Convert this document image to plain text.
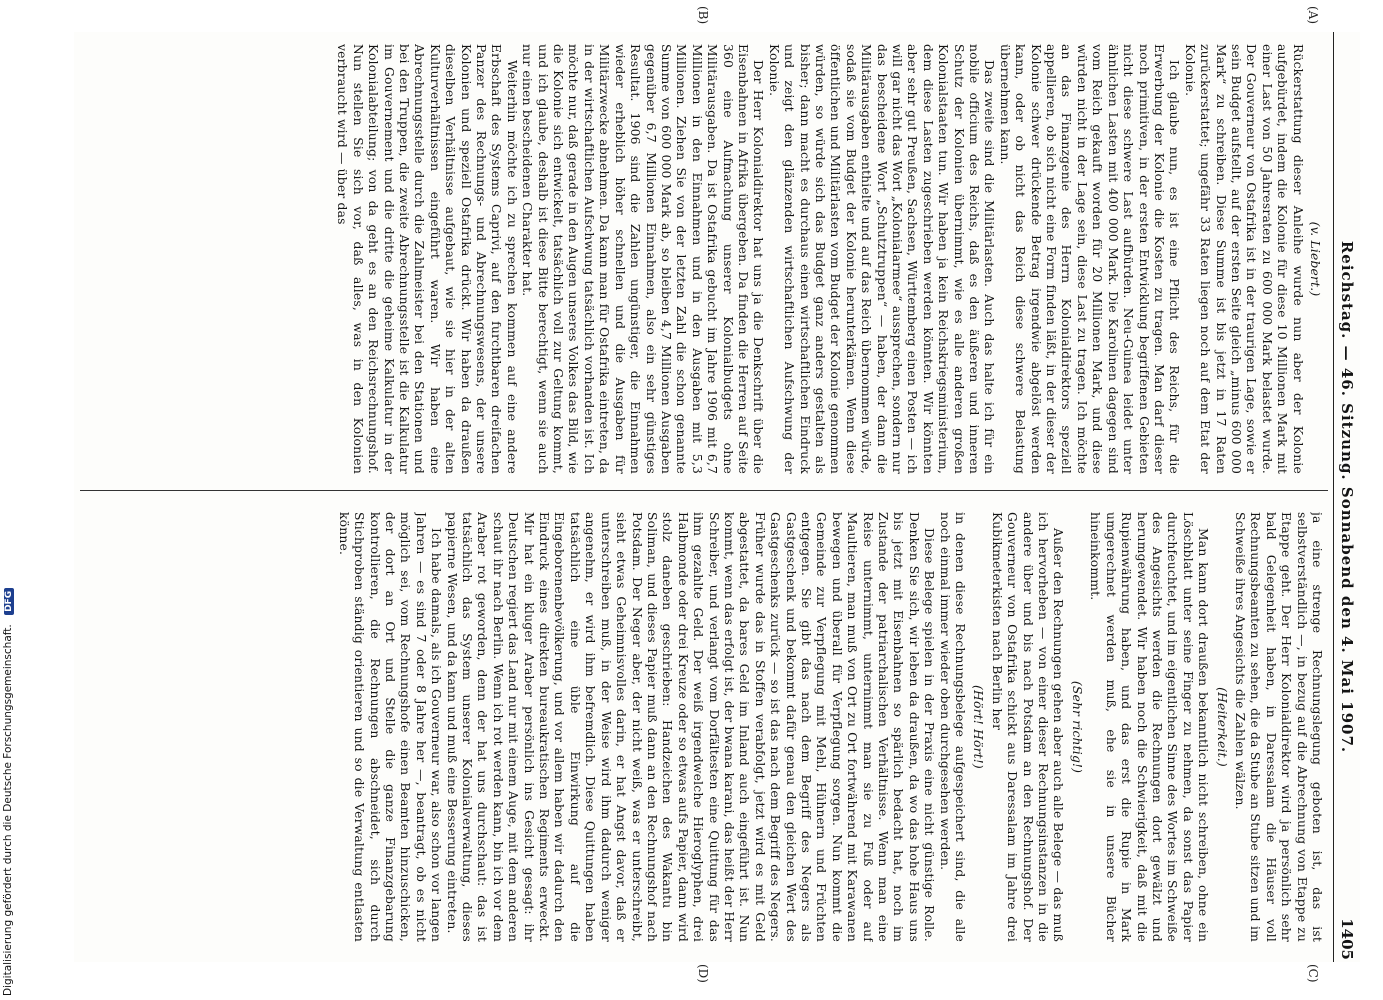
Digitalisierung gefördert durch die Deutsche Forschungsgemeinschaft. DFG	Reichstag. — 46. Sitzung. Sonnabend den 4. Mai 1907.
1405
(A)
(B)
(C)
(D)

(v. Liebert.)

Rückerstattung dieser Anleihe wurde nun aber der Kolonie aufgebürdet, indem die Kolonie für diese 10 Millionen Mark mit einer Last von 50 Jahresraten zu 600 000 Mark belastet wurde. Der Gouverneur von Ostafrika ist in der traurigen Lage, sowie er sein Budget aufstellt, auf der ersten Seite gleich „minus 600 000 Mark“ zu schreiben. Diese Summe ist bis jetzt in 17 Raten zurückerstattet; ungefähr 33 Raten liegen noch auf dem Etat der Kolonie.

Ich glaube nun, es ist eine Pflicht des Reichs, für die Erwerbung der Kolonie die Kosten zu tragen. Man darf dieser noch primitiven, in der ersten Entwicklung begriffenen Gebieten nicht diese schwere Last aufbürden. Neu-Guinea leidet unter ähnlichen Lasten mit 400 000 Mark. Die Karolinen dagegen sind vom Reich gekauft worden für 20 Millionen Mark, und diese würden nicht in der Lage sein, diese Last zu tragen. Ich möchte an das Finanzgenie des Herrn Kolonialdirektors speziell appellieren, ob sich nicht eine Form finden läßt, in der dieser der Kolonie schwer drückende Betrag irgendwie abgelöst werden kann, oder ob nicht das Reich diese schwere Belastung übernehmen kann.

Das zweite sind die Militärlasten. Auch das halte ich für ein nobile officium des Reichs, daß es den äußeren und inneren Schutz der Kolonien übernimmt, wie es alle anderen großen Kolonialstaaten tun. Wir haben ja kein Reichskriegsministerium, dem diese Lasten zugeschrieben werden könnten. Wir könnten aber sehr gut Preußen, Sachsen, Württemberg einen Posten — ich will gar nicht das Wort „Kolonialarmee“ aussprechen, sondern nur das bescheidene Wort „Schutztruppen“ — haben, der dann die Militärausgaben enthielte und auf das Reich übernommen würde, sodaß sie vom Budget der Kolonie herunterkämen. Wenn diese öffentlichen und Militärlasten vom Budget der Kolonie genommen würden, so würde sich das Budget ganz anders gestalten als bisher; dann macht es durchaus einen wirtschaftlichen Eindruck und zeigt den glänzenden wirtschaftlichen Aufschwung der Kolonie.

Der Herr Kolonialdirektor hat uns ja die Denkschrift über die Eisenbahnen in Afrika übergeben. Da finden die Herren auf Seite 360 eine Aufmachung unserer Kolonialbudgets ohne Militärausgaben. Da ist Ostafrika gebucht im Jahre 1906 mit 6,7 Millionen in den Einnahmen und in den Ausgaben mit 5,3 Millionen. Ziehen Sie von der letzten Zahl die schon genannte Summe von 600 000 Mark ab, so bleiben 4,7 Millionen Ausgaben gegenüber 6,7 Millionen Einnahmen, also ein sehr günstiges Resultat. 1906 sind die Zahlen ungünstiger, die Einnahmen wieder erheblich höher schnellen und die Ausgaben für Militärzwecke abnehmen. Da kann man für Ostafrika eintreten, da in der wirtschaftlichen Aufschwung tatsächlich vorhanden ist. Ich möchte nur, daß gerade in den Augen unseres Volkes das Bild, wie die Kolonie sich entwickelt, tatsächlich voll zur Geltung kommt, und ich glaube, deshalb ist diese Bitte berechtigt, wenn sie auch nur einen bescheidenen Charakter hat.

Weiterhin möchte ich zu sprechen kommen auf eine andere Erbschaft des Systems Caprivi, auf den furchtbaren dreifachen Panzer des Rechnungs- und Abrechnungswesens, der unsere Kolonien und speziell Ostafrika drückt. Wir haben da draußen dieselben Verhältnisse aufgebaut, wie sie hier in der alten Kulturverhältnissen eingeführt waren. Wir haben eine Abrechnungsstelle durch die Zahlmeister bei den Stationen und bei den Truppen, die zweite Abrechnungsstelle ist die Kalkulatur im Gouvernement und die dritte die geheime Kalkulatur in der Kolonialabteilung; von da geht es an den Reichsrechnungshof. Nun stellen Sie sich vor, daß alles, was in den Kolonien verbraucht wird — über das

ja eine strenge Rechnungslegung geboten ist, das ist selbstverständlich —, in bezug auf die Abrechnung von Etappe zu Etappe geht. Der Herr Kolonialdirektor wird ja persönlich sehr bald Gelegenheit haben, in Daressalam die Häuser voll Rechnungsbeamten zu sehen, die da Stube an Stube sitzen und im Schweiße ihres Angesichts die Zahlen wälzen.

(Heiterkeit.)

Man kann dort draußen bekanntlich nicht schreiben, ohne ein Löschblatt unter seine Finger zu nehmen, da sonst das Papier durchfeuchtet, und im eigentlichen Sinne des Wortes im Schweiße des Angesichts werden die Rechnungen dort gewälzt und herumgewendet. Wir haben noch die Schwierigkeit, daß mit die Rupienwährung haben, und das erst die Rupie in Mark umgerechnet werden muß, ehe sie in unsere Bücher hineinkommt.

(Sehr richtig!)

Außer den Rechnungen gehen aber auch alle Belege — das muß ich hervorheben — von einer dieser Rechnungsinstanzen in die andere über und bis nach Potsdam an den Rechnungshof. Der Gouverneur von Ostafrika schickt aus Daressalam im Jahre drei Kubikmeterkisten nach Berlin her

(Hört! Hört!)

in denen diese Rechnungsbelege aufgespeichert sind, die alle noch einmal immer wieder oben durchgesehen werden.

Diese Belege spielen in der Praxis eine nicht günstige Rolle. Denken Sie sich, wir leben da draußen, da wo das hohe Haus uns bis jetzt mit Eisenbahnen so spärlich bedacht hat, noch im Zustande der patriarchalischen Verhältnisse. Wenn man eine Reise unternimmt, unternimmt man sie zu Fuß oder auf Maultieren, man muß von Ort zu Ort fortwährend mit Karawanen bewegen und überall für Verpflegung sorgen. Nun kommt die Gemeinde zur Verpflegung mit Mehl, Hühnern und Früchten entgegen. Sie gibt das nach dem Begriff des Negers als Gastgeschenk und bekommt dafür genau den gleichen Wert des Gastgeschenks zurück — so ist das nach dem Begriff des Negers. Früher wurde das in Stoffen verabfolgt, jetzt wird es mit Geld abgestattet, da bares Geld im Inland auch eingeführt ist. Nun kommt, wenn das erfolgt ist, der bwana karani, das heißt der Herr Schreiber, und verlangt vom Dorfältesten eine Quittung für das ihm gezahlte Geld. Der weiß irgendwelche Hieroglyphen, drei Halbmonde oder drei Kreuze oder so etwas aufs Papier, dann wird stolz daneben geschrieben: Handzeichen des Wakantu bin Soliman, und dieses Papier muß dann an den Rechnungshof nach Potsdam. Der Neger aber, der nicht weiß, was er unterschreibt, sieht etwas Geheimnisvolles darin, er hat Angst davor, daß er unterschreiben muß, in der Weise wird ihm dadurch weniger angenehm, er wird ihm befremdlich. Diese Quittungen haben tatsächlich eine üble Einwirkung auf die Eingeborenenbevölkerung, und vor allem haben wir dadurch den Eindruck eines direkten bureaukratischen Regiments erweckt. Mir hat ein kluger Araber persönlich ins Gesicht gesagt: ihr Deutschen regiert das Land nur mit einem Auge, mit dem anderen schaut ihr nach Berlin. Wenn ich rot werden kann, bin ich vor dem Araber rot geworden, denn der hat uns durchschaut: das ist tatsächlich das System unserer Kolonialverwaltung, dieses papierne Wesen, und da kann und muß eine Besserung eintreten.

Ich habe damals, als ich Gouverneur war, also schon vor langen Jahren — es sind 7 oder 8 Jahre her —, beantragt, ob es nicht möglich sei, vom Rechnungshofe einen Beamten hinzuschicken, der dort an Ort und Stelle die ganze Finanzgebarung kontrollieren, die Rechnungen abschneidet, sich durch Stichproben ständig orientieren und so die Verwaltung entlasten könne.
